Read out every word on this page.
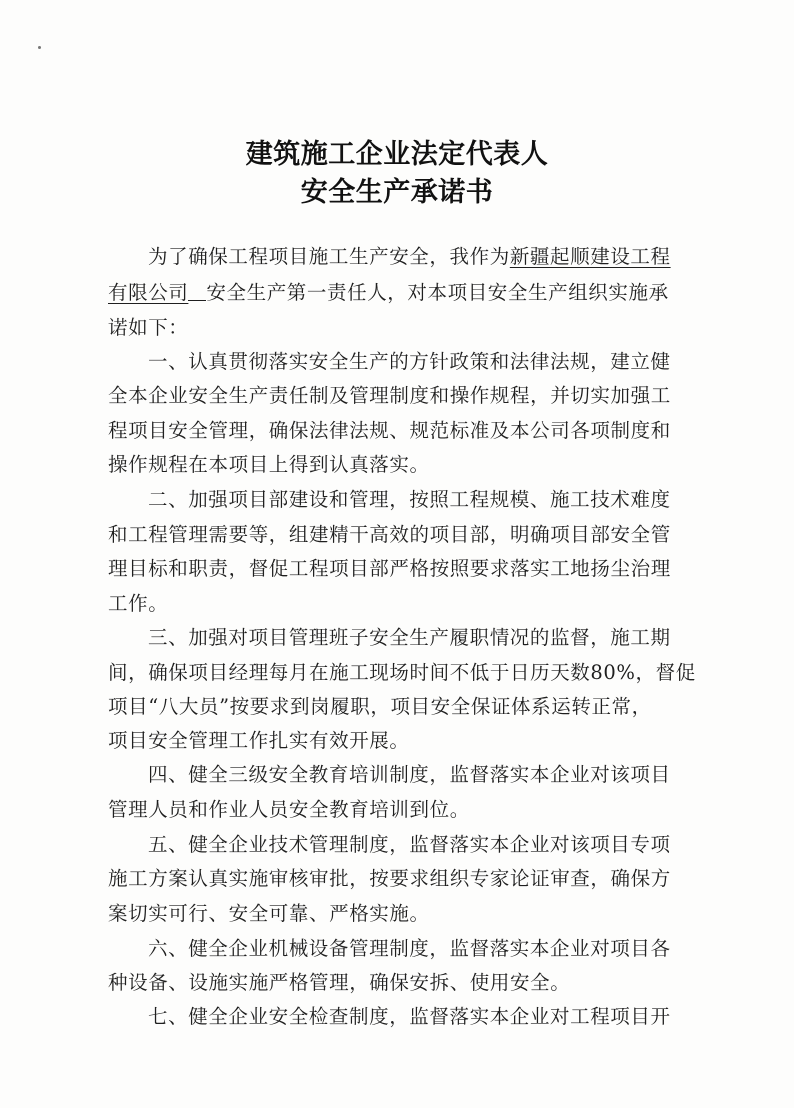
建筑施工企业法定代表人
安全生产承诺书
为了确保工程项目施工生产安全，我作为新疆起顺建设工程
有限公司 安全生产第一责任人，对本项目安全生产组织实施承
诺如下：
一、认真贯彻落实安全生产的方针政策和法律法规，建立健
全本企业安全生产责任制及管理制度和操作规程，并切实加强工
程项目安全管理，确保法律法规、规范标准及本公司各项制度和
操作规程在本项目上得到认真落实。
二、加强项目部建设和管理，按照工程规模、施工技术难度
和工程管理需要等，组建精干高效的项目部，明确项目部安全管
理目标和职责，督促工程项目部严格按照要求落实工地扬尘治理
工作。
三、加强对项目管理班子安全生产履职情况的监督，施工期
间，确保项目经理每月在施工现场时间不低于日历天数80%，督促
项目“八大员”按要求到岗履职，项目安全保证体系运转正常，
项目安全管理工作扎实有效开展。
四、健全三级安全教育培训制度，监督落实本企业对该项目
管理人员和作业人员安全教育培训到位。
五、健全企业技术管理制度，监督落实本企业对该项目专项
施工方案认真实施审核审批，按要求组织专家论证审查，确保方
案切实可行、安全可靠、严格实施。
六、健全企业机械设备管理制度，监督落实本企业对项目各
种设备、设施实施严格管理，确保安拆、使用安全。
七、健全企业安全检查制度，监督落实本企业对工程项目开
